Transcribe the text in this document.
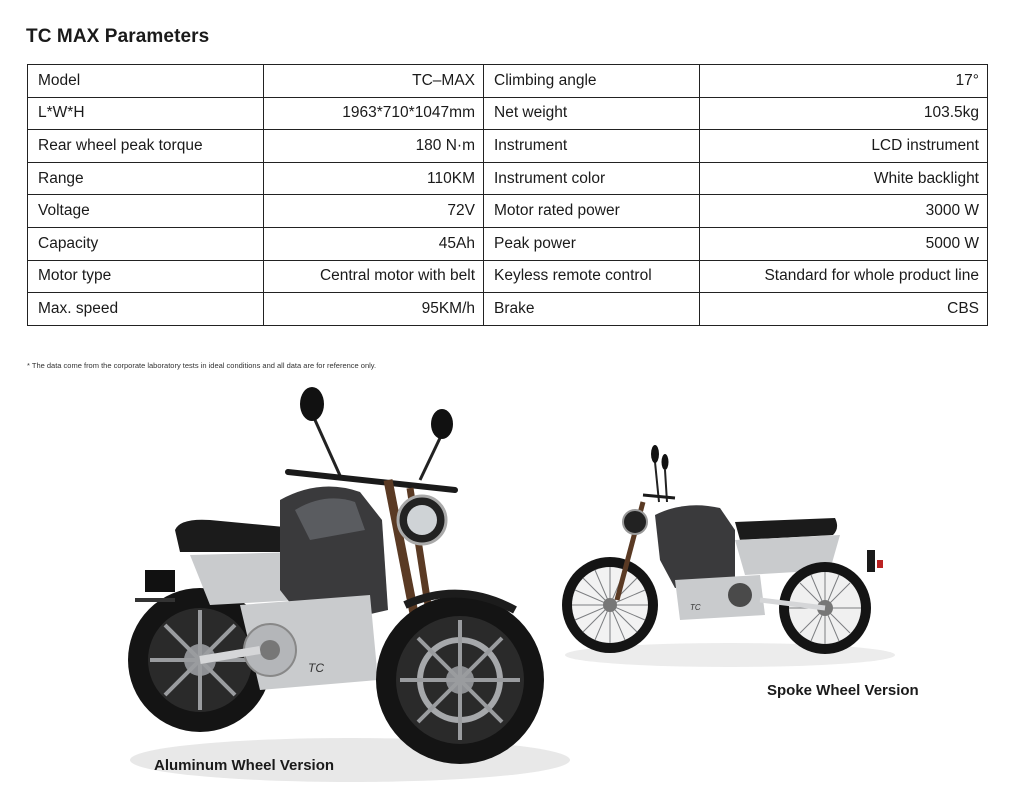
TC MAX Parameters
Model	TC–MAX	Climbing angle	17°
L*W*H	1963*710*1047mm	Net weight	103.5kg
Rear wheel peak torque	180 N·m	Instrument	LCD instrument
Range	110KM	Instrument color	White backlight
Voltage	72V	Motor rated power	3000 W
Capacity	45Ah	Peak power	5000 W
Motor type	Central motor with belt	Keyless remote control	Standard for whole product line
Max. speed	95KM/h	Brake	CBS
* The data come from the corporate laboratory tests in ideal conditions and all data are for reference only.
TC
TC
Aluminum Wheel Version
Spoke Wheel Version
